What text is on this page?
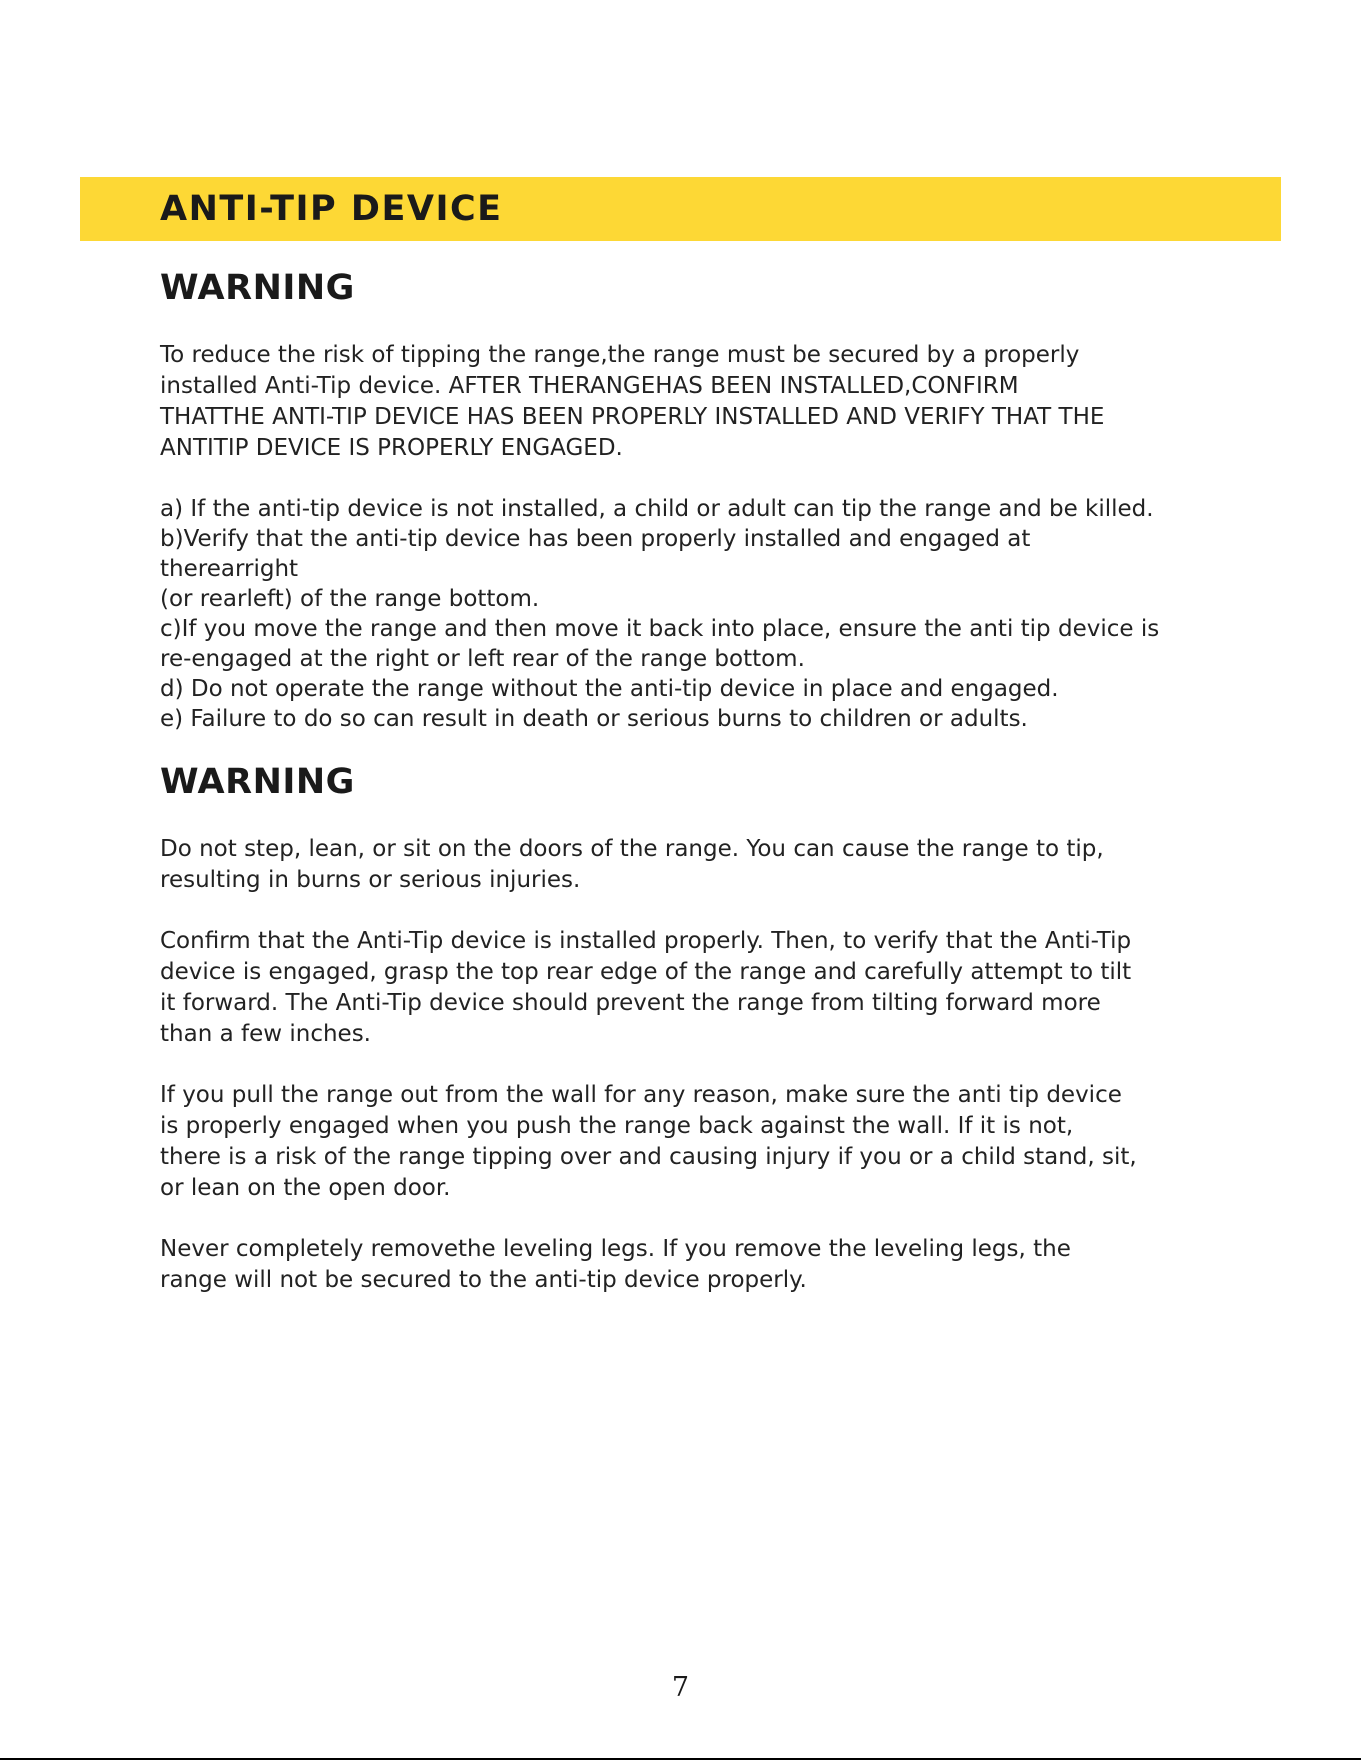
ANTI-TIP DEVICE
WARNING

To reduce the risk of tipping the range,the range must be secured by a properly
installed Anti-Tip device. AFTER THERANGEHAS BEEN INSTALLED,CONFIRM
THATTHE ANTI-TIP DEVICE HAS BEEN PROPERLY INSTALLED AND VERIFY THAT THE
ANTITIP DEVICE IS PROPERLY ENGAGED.

a) If the anti-tip device is not installed, a child or adult can tip the range and be killed.

b)Verify that the anti-tip device has been properly installed and engaged at
therearright
(or rearleft) of the range bottom.

c)If you move the range and then move it back into place, ensure the anti tip device is
re-engaged at the right or left rear of the range bottom.

d) Do not operate the range without the anti-tip device in place and engaged.

e) Failure to do so can result in death or serious burns to children or adults.

WARNING

Do not step, lean, or sit on the doors of the range. You can cause the range to tip,
resulting in burns or serious injuries.

Confirm that the Anti-Tip device is installed properly. Then, to verify that the Anti-Tip
device is engaged, grasp the top rear edge of the range and carefully attempt to tilt
it forward. The Anti-Tip device should prevent the range from tilting forward more
than a few inches.

If you pull the range out from the wall for any reason, make sure the anti tip device
is properly engaged when you push the range back against the wall. If it is not,
there is a risk of the range tipping over and causing injury if you or a child stand, sit,
or lean on the open door.

Never completely removethe leveling legs. If you remove the leveling legs, the
range will not be secured to the anti-tip device properly.

7
